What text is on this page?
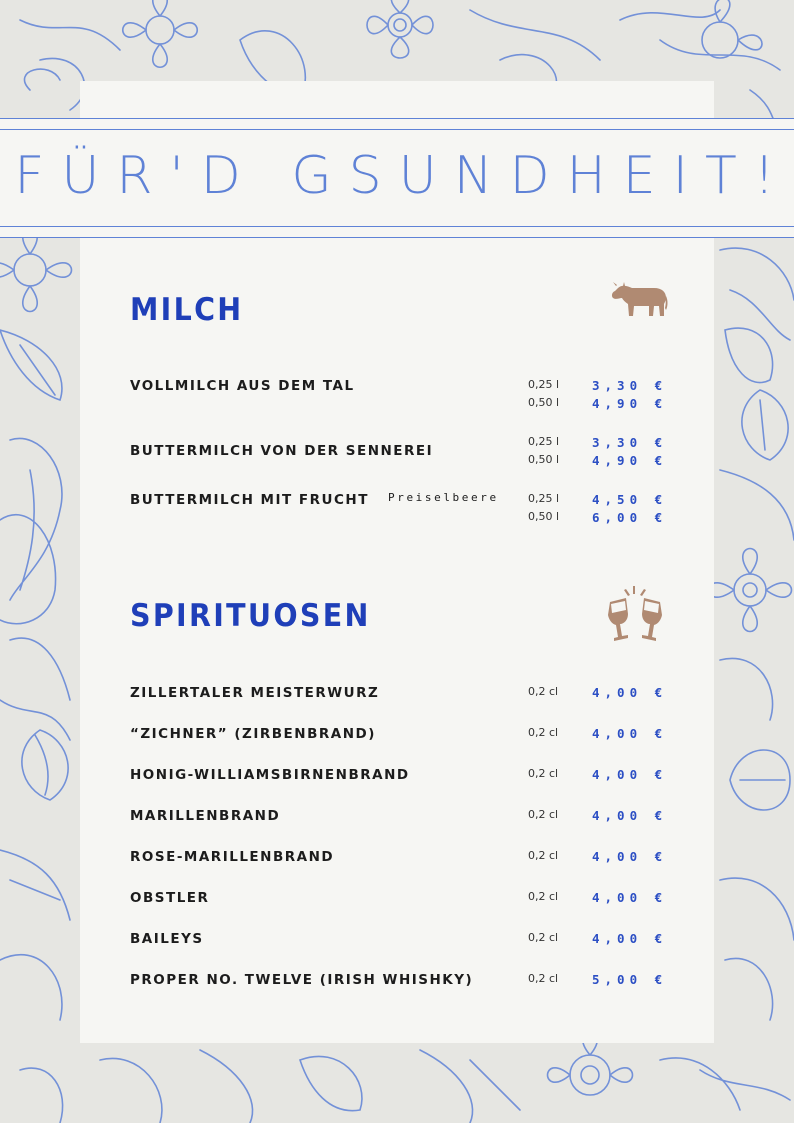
FÜR'D GSUNDHEIT!
MILCH
VOLLMILCH AUS DEM TAL	0,25 l	3,30 €
0,50 l	4,90 €
BUTTERMILCH VON DER SENNEREI
0,25 l	3,30 €
0,50 l	4,90 €
BUTTERMILCH MIT FRUCHT Preiselbeere	0,25 l	4,50 €
0,50 l	6,00 €
SPIRITUOSEN
ZILLERTALER MEISTERWURZ	0,2 cl	4,00 €
“ZICHNER” (ZIRBENBRAND)	0,2 cl	4,00 €
HONIG-WILLIAMSBIRNENBRAND	0,2 cl	4,00 €
MARILLENBRAND	0,2 cl	4,00 €
ROSE-MARILLENBRAND	0,2 cl	4,00 €
OBSTLER	0,2 cl	4,00 €
BAILEYS	0,2 cl	4,00 €
PROPER NO. TWELVE (IRISH WHISHKY)	0,2 cl	5,00 €
